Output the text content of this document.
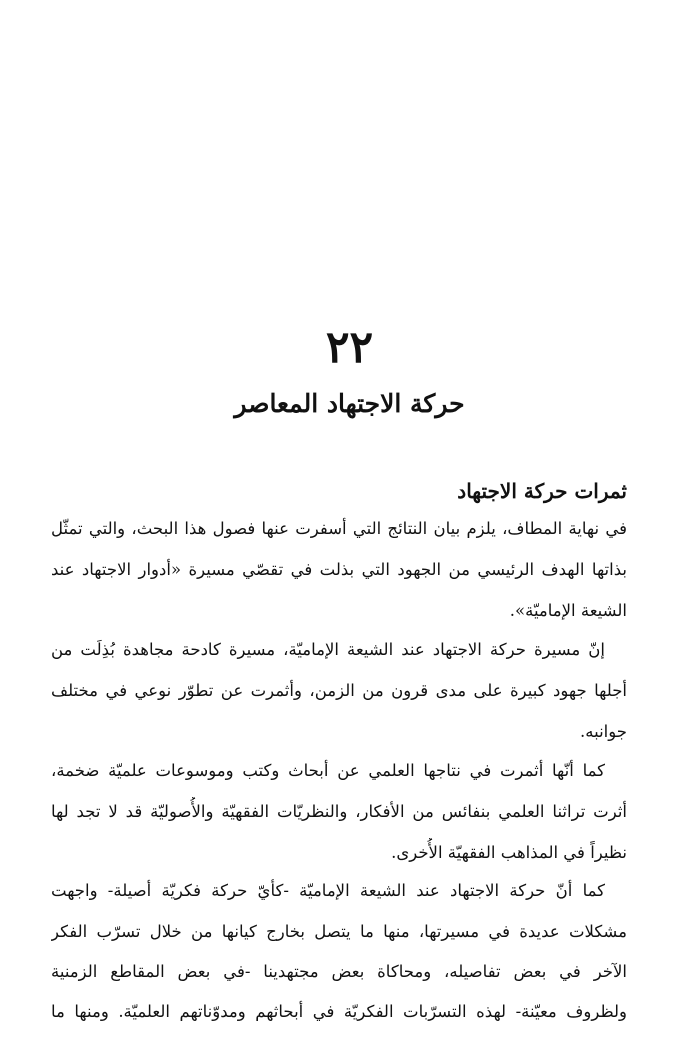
٢٢
حركة الاجتهاد المعاصر
ثمرات حركة الاجتهاد
في نهاية المطاف، يلزم بيان النتائج التي أسفرت عنها فصول هذا البحث، والتي تمثّل
بذاتها الهدف الرئيسي من الجهود التي بذلت في تقصّي مسيرة «أدوار الاجتهاد عند
الشيعة الإماميّة».
إنّ مسيرة حركة الاجتهاد عند الشيعة الإماميّة، مسيرة كادحة مجاهدة بُذِلَت من
أجلها جهود كبيرة على مدى قرون من الزمن، وأثمرت عن تطوّر نوعي في مختلف
جوانبه.
كما أنّها أثمرت في نتاجها العلمي عن أبحاث وكتب وموسوعات علميّة ضخمة،
أثرت تراثنا العلمي بنفائس من الأفكار، والنظريّات الفقهيّة والأُصوليّة قد لا تجد لها
نظيراً في المذاهب الفقهيّة الأُخرى.
كما أنّ حركة الاجتهاد عند الشيعة الإماميّة -كأيّ حركة فكريّة أصيلة- واجهت
مشكلات عديدة في مسيرتها، منها ما يتصل بخارج كيانها من خلال تسرّب الفكر
الآخر في بعض تفاصيله، ومحاكاة بعض مجتهدينا -في بعض المقاطع الزمنية
ولظروف معيّنة- لهذه التسرّبات الفكريّة في أبحاثهم ومدوّناتهم العلميّة. ومنها ما
